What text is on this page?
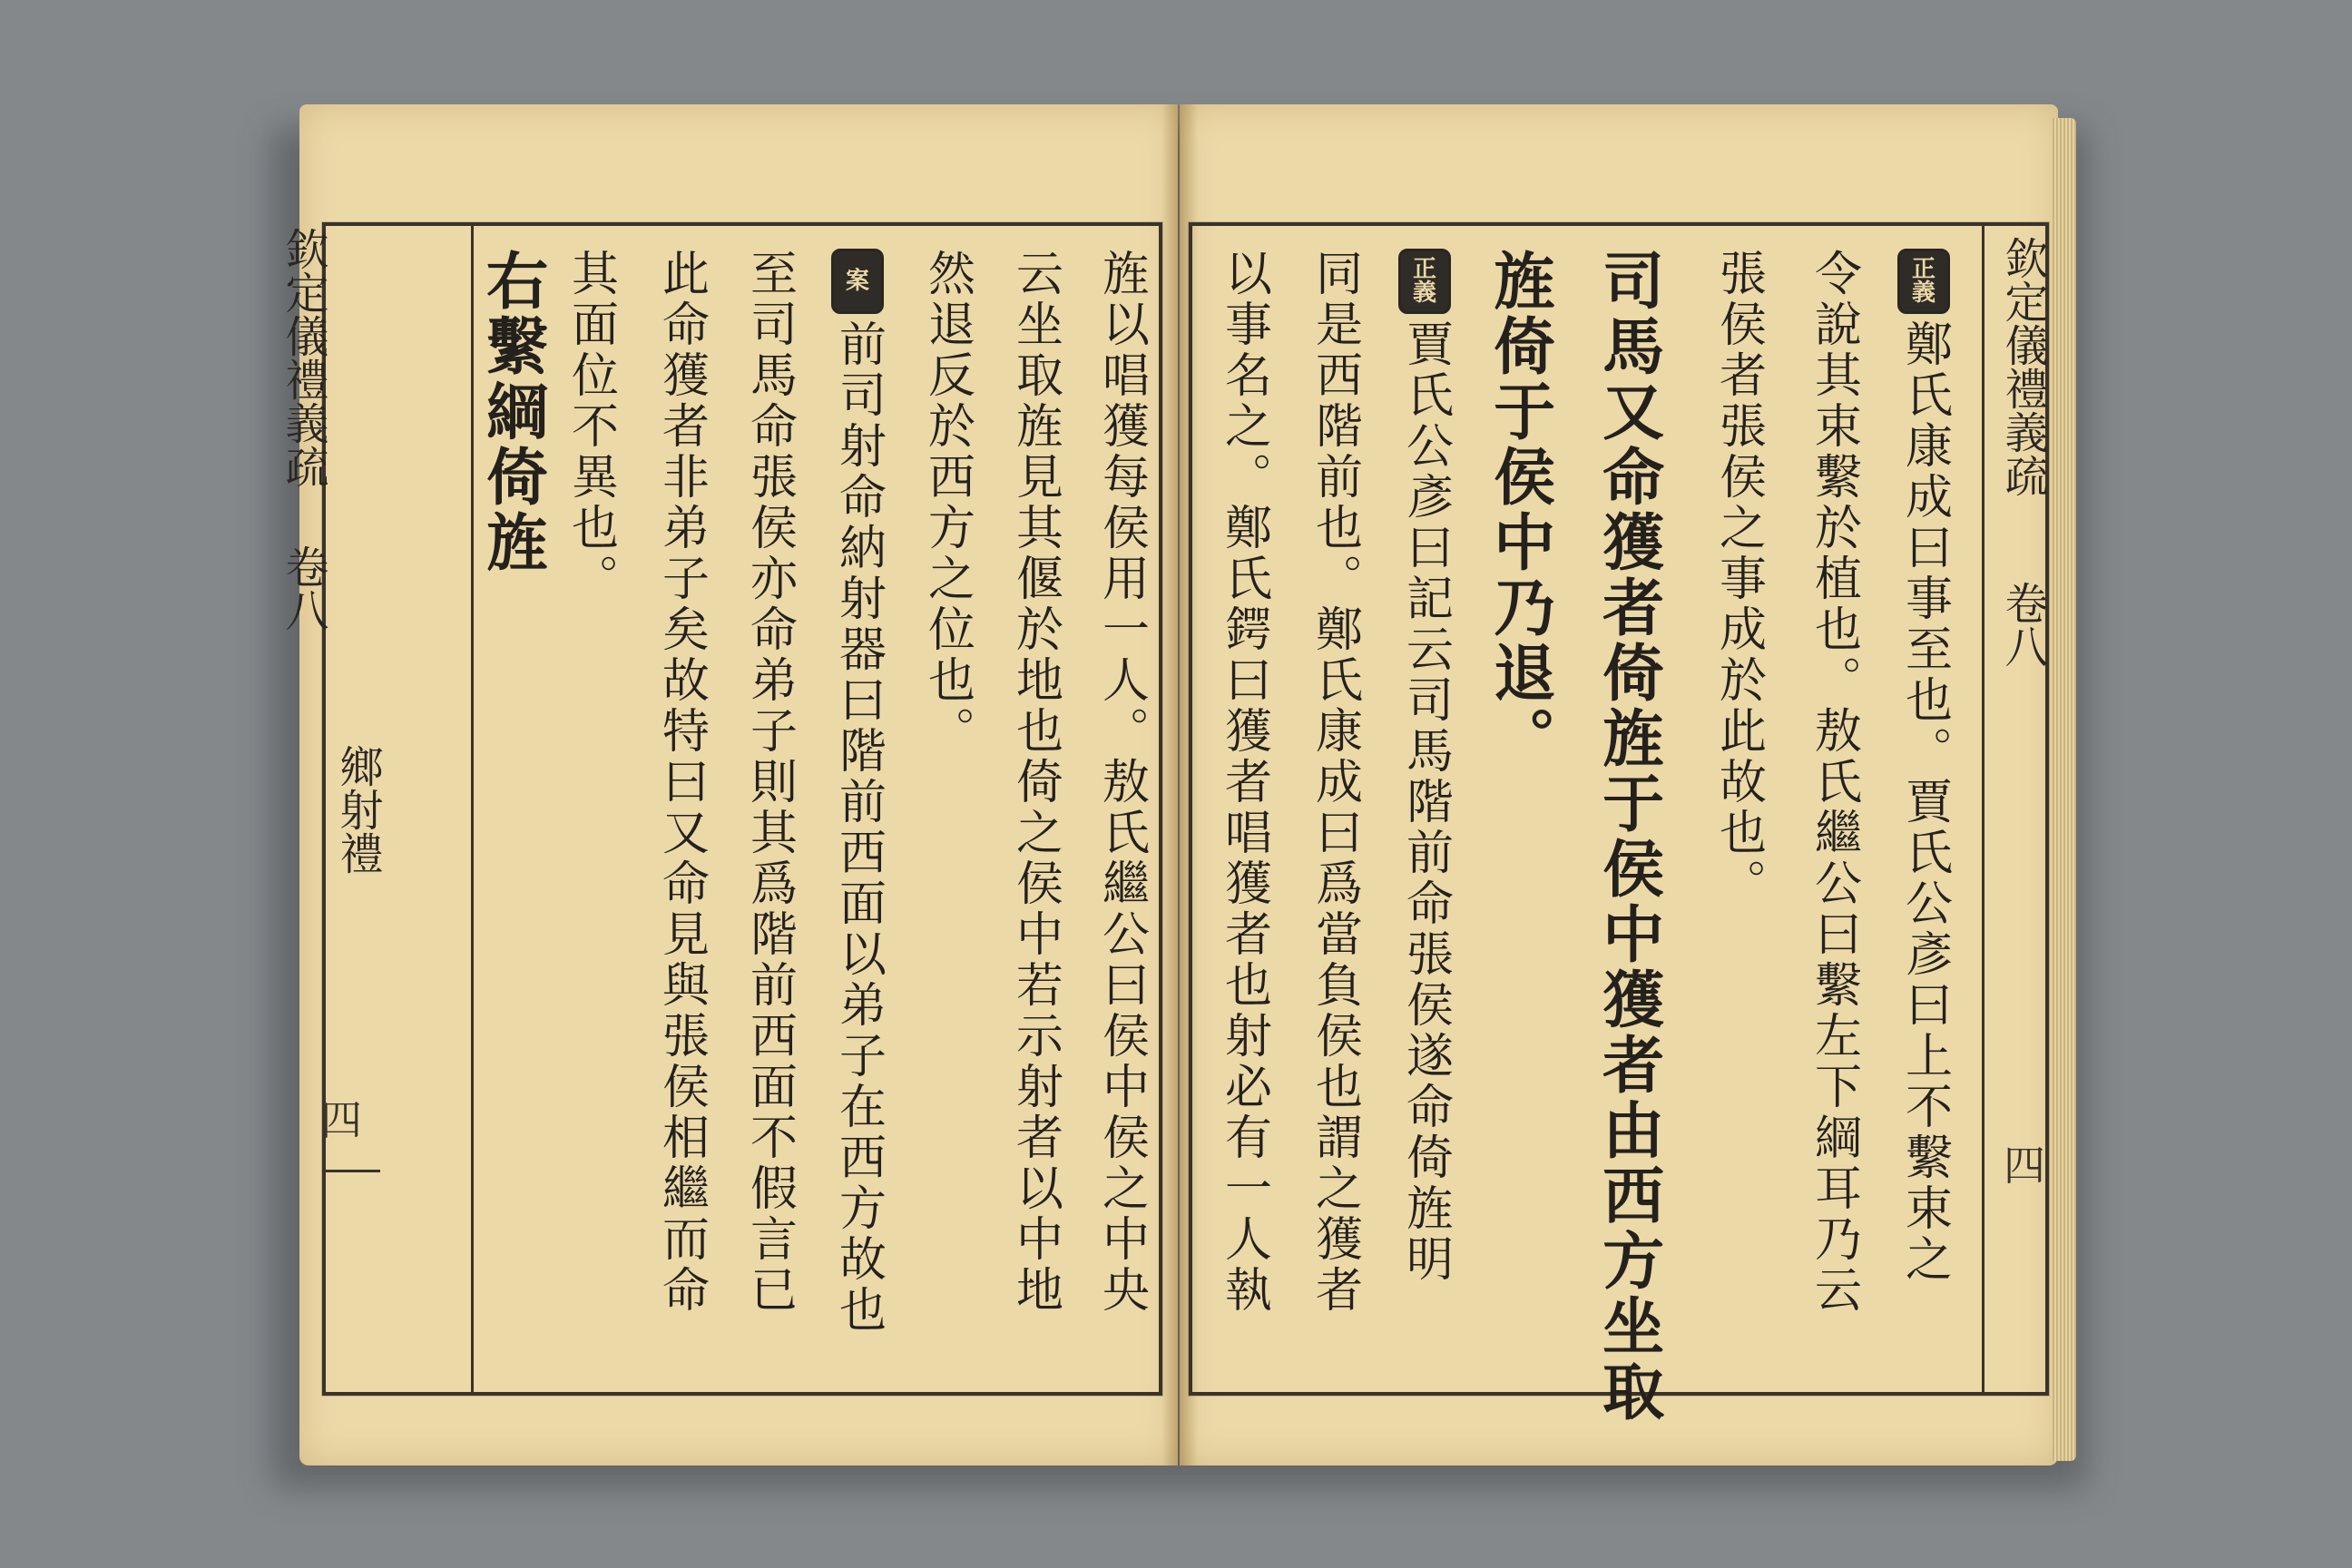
右繫綱倚旌 其面位不異也。 此命獲者非弟子矣故特曰又命見與張侯相繼而命 至司馬命張侯亦命弟子則其爲階前西面不假言已 案
前司射命納射器曰階前西面以弟子在西方故也 然退反於西方之位也。 云坐取旌見其偃於地也倚之侯中若示射者以中地 旌以唱獲每侯用一人。敖氏繼公曰侯中侯之中央
欽定儀禮義疏
卷八
鄉射禮
四	以事名之。鄭氏鍔曰獲者唱獲者也射必有一人執 同是西階前也。鄭氏康成曰爲當負侯也謂之獲者 正
義
賈氏公彥曰記云司馬階前命張侯遂命倚旌明 旌倚于侯中乃退。 司馬又命獲者倚旌于侯中獲者由西方坐取 張侯者張侯之事成於此故也。 令說其束繫於植也。敖氏繼公曰繫左下綱耳乃云 正
義
鄭氏康成曰事至也。賈氏公彥曰上不繫束之 欽定儀禮義疏
卷八
四
